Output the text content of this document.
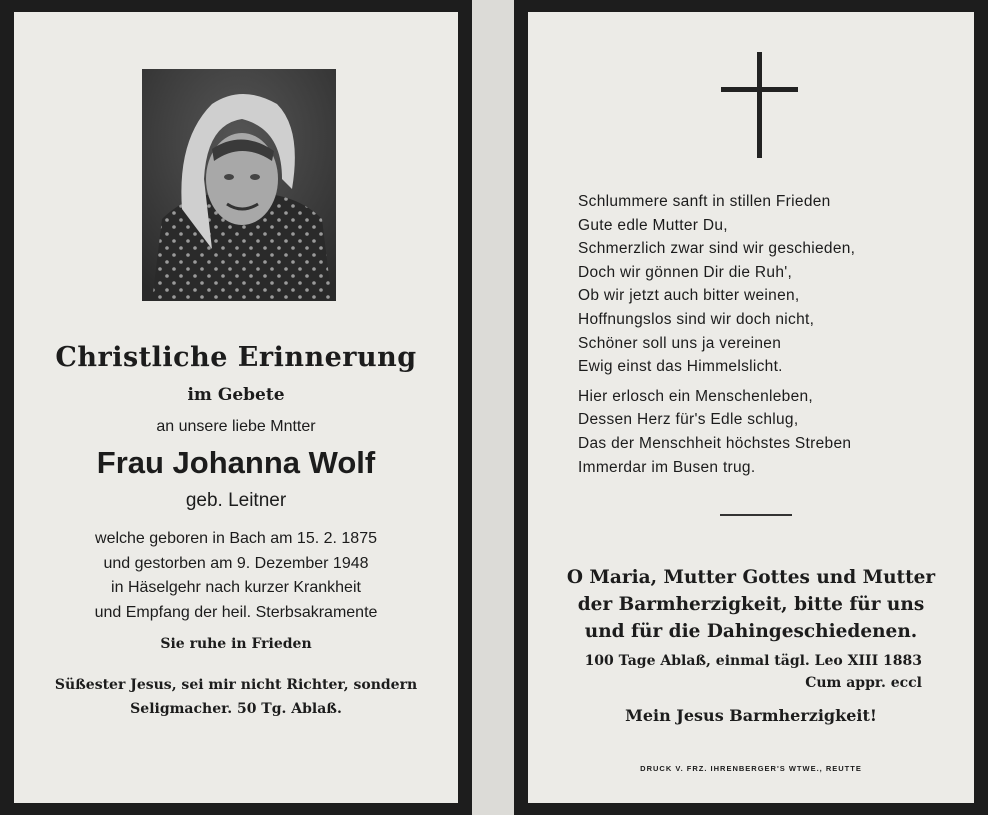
Christliche Erinnerung
im Gebete
an unsere liebe Mntter
Frau Johanna Wolf
geb. Leitner
welche geboren in Bach am 15. 2. 1875
und gestorben am 9. Dezember 1948
in Häselgehr nach kurzer Krankheit
und Empfang der heil. Sterbsakramente
Sie ruhe in Frieden
Süßester Jesus, sei mir nicht Richter, sondern
Seligmacher. 50 Tg. Ablaß.
Schlummere sanft in stillen Frieden
Gute edle Mutter Du,
Schmerzlich zwar sind wir geschieden,
Doch wir gönnen Dir die Ruh',
Ob wir jetzt auch bitter weinen,
Hoffnungslos sind wir doch nicht,
Schöner soll uns ja vereinen
Ewig einst das Himmelslicht.
Hier erlosch ein Menschenleben,
Dessen Herz für's Edle schlug,
Das der Menschheit höchstes Streben
Immerdar im Busen trug.
O Maria, Mutter Gottes und Mutter
der Barmherzigkeit, bitte für uns
und für die Dahingeschiedenen.
100 Tage Ablaß, einmal tägl. Leo XIII 1883
Cum appr. eccl
Mein Jesus Barmherzigkeit!
DRUCK V. FRZ. IHRENBERGER'S WTWE., REUTTE
